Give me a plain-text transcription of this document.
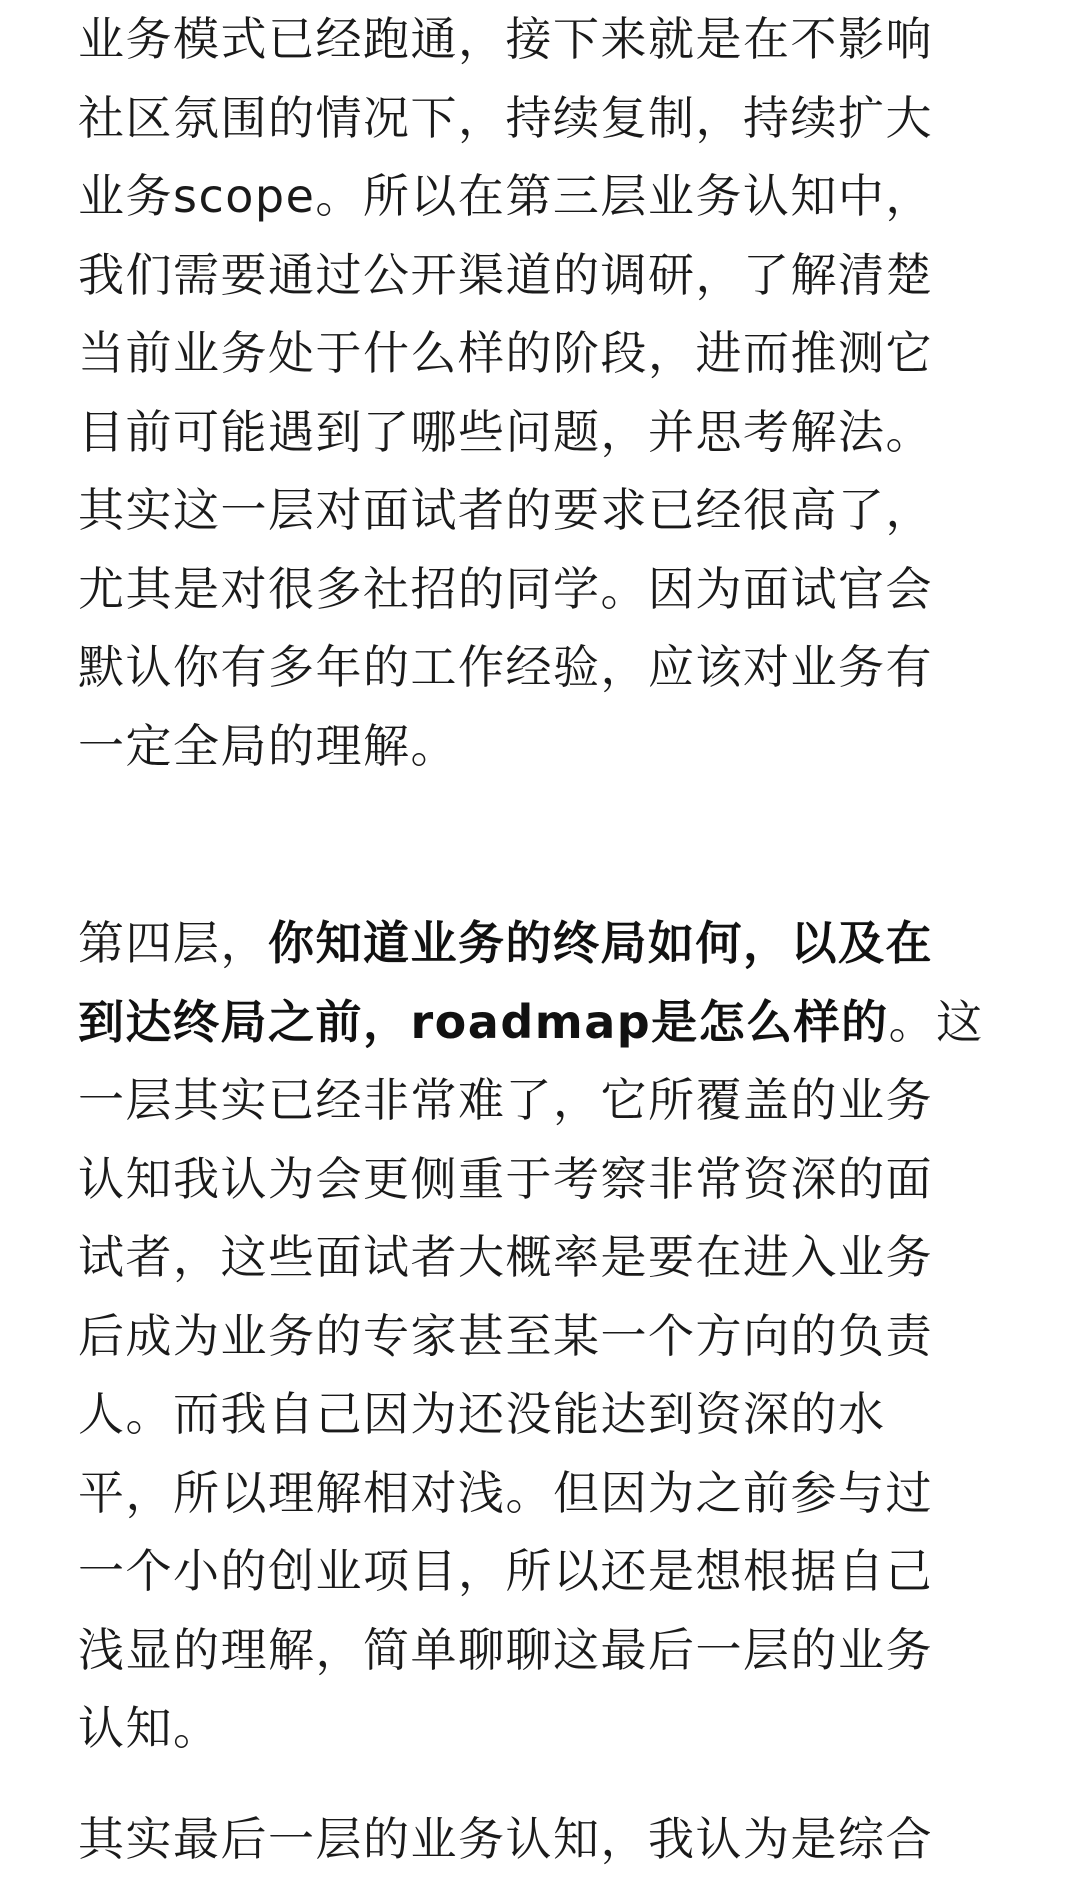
业务模式已经跑通，接下来就是在不影响
社区氛围的情况下，持续复制，持续扩大
业务scope。所以在第三层业务认知中，
我们需要通过公开渠道的调研，了解清楚
当前业务处于什么样的阶段，进而推测它
目前可能遇到了哪些问题，并思考解法。
其实这一层对面试者的要求已经很高了，
尤其是对很多社招的同学。因为面试官会
默认你有多年的工作经验，应该对业务有
一定全局的理解。

第四层，你知道业务的终局如何，以及在
到达终局之前，roadmap是怎么样的。这
一层其实已经非常难了，它所覆盖的业务
认知我认为会更侧重于考察非常资深的面
试者，这些面试者大概率是要在进入业务
后成为业务的专家甚至某一个方向的负责
人。而我自己因为还没能达到资深的水
平，所以理解相对浅。但因为之前参与过
一个小的创业项目，所以还是想根据自己
浅显的理解，简单聊聊这最后一层的业务
认知。

其实最后一层的业务认知，我认为是综合
